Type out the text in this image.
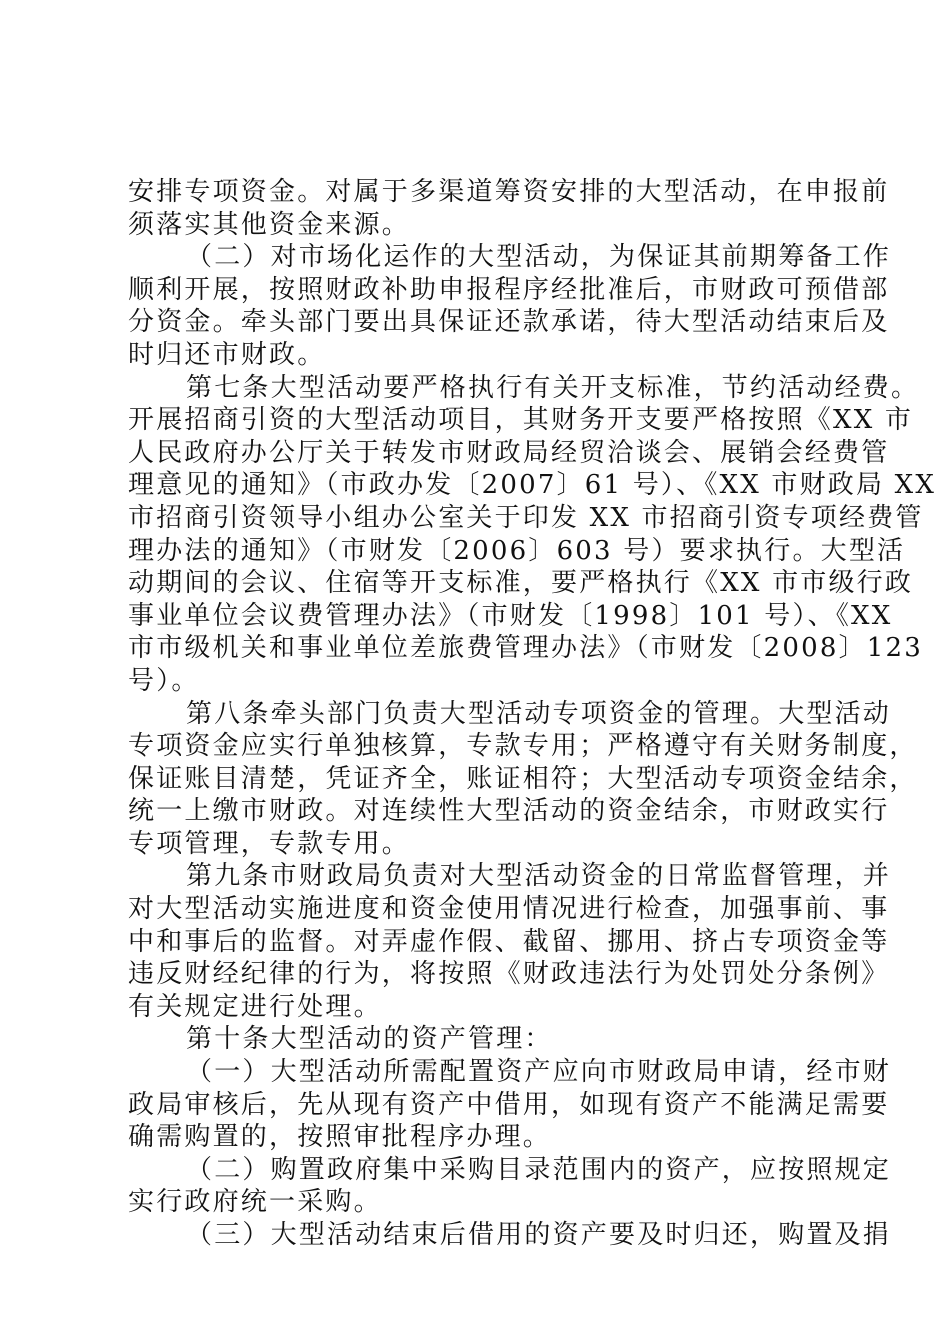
安排专项资金。对属于多渠道筹资安排的大型活动，在申报前
须落实其他资金来源。
（二）对市场化运作的大型活动，为保证其前期筹备工作
顺利开展，按照财政补助申报程序经批准后，市财政可预借部
分资金。牵头部门要出具保证还款承诺，待大型活动结束后及
时归还市财政。
第七条大型活动要严格执行有关开支标准，节约活动经费。
开展招商引资的大型活动项目，其财务开支要严格按照《XX 市
人民政府办公厅关于转发市财政局经贸洽谈会、展销会经费管
理意见的通知》（市政办发〔2007〕61 号）、《XX 市财政局 XX
市招商引资领导小组办公室关于印发 XX 市招商引资专项经费管
理办法的通知》（市财发〔2006〕603 号）要求执行。大型活
动期间的会议、住宿等开支标准，要严格执行《XX 市市级行政
事业单位会议费管理办法》（市财发〔1998〕101 号）、《XX
市市级机关和事业单位差旅费管理办法》（市财发〔2008〕123
号）。
第八条牵头部门负责大型活动专项资金的管理。大型活动
专项资金应实行单独核算，专款专用；严格遵守有关财务制度，
保证账目清楚，凭证齐全，账证相符；大型活动专项资金结余，
统一上缴市财政。对连续性大型活动的资金结余，市财政实行
专项管理，专款专用。
第九条市财政局负责对大型活动资金的日常监督管理，并
对大型活动实施进度和资金使用情况进行检查，加强事前、事
中和事后的监督。对弄虚作假、截留、挪用、挤占专项资金等
违反财经纪律的行为，将按照《财政违法行为处罚处分条例》
有关规定进行处理。
第十条大型活动的资产管理：
（一）大型活动所需配置资产应向市财政局申请，经市财
政局审核后，先从现有资产中借用，如现有资产不能满足需要
确需购置的，按照审批程序办理。
（二）购置政府集中采购目录范围内的资产，应按照规定
实行政府统一采购。
（三）大型活动结束后借用的资产要及时归还，购置及捐
